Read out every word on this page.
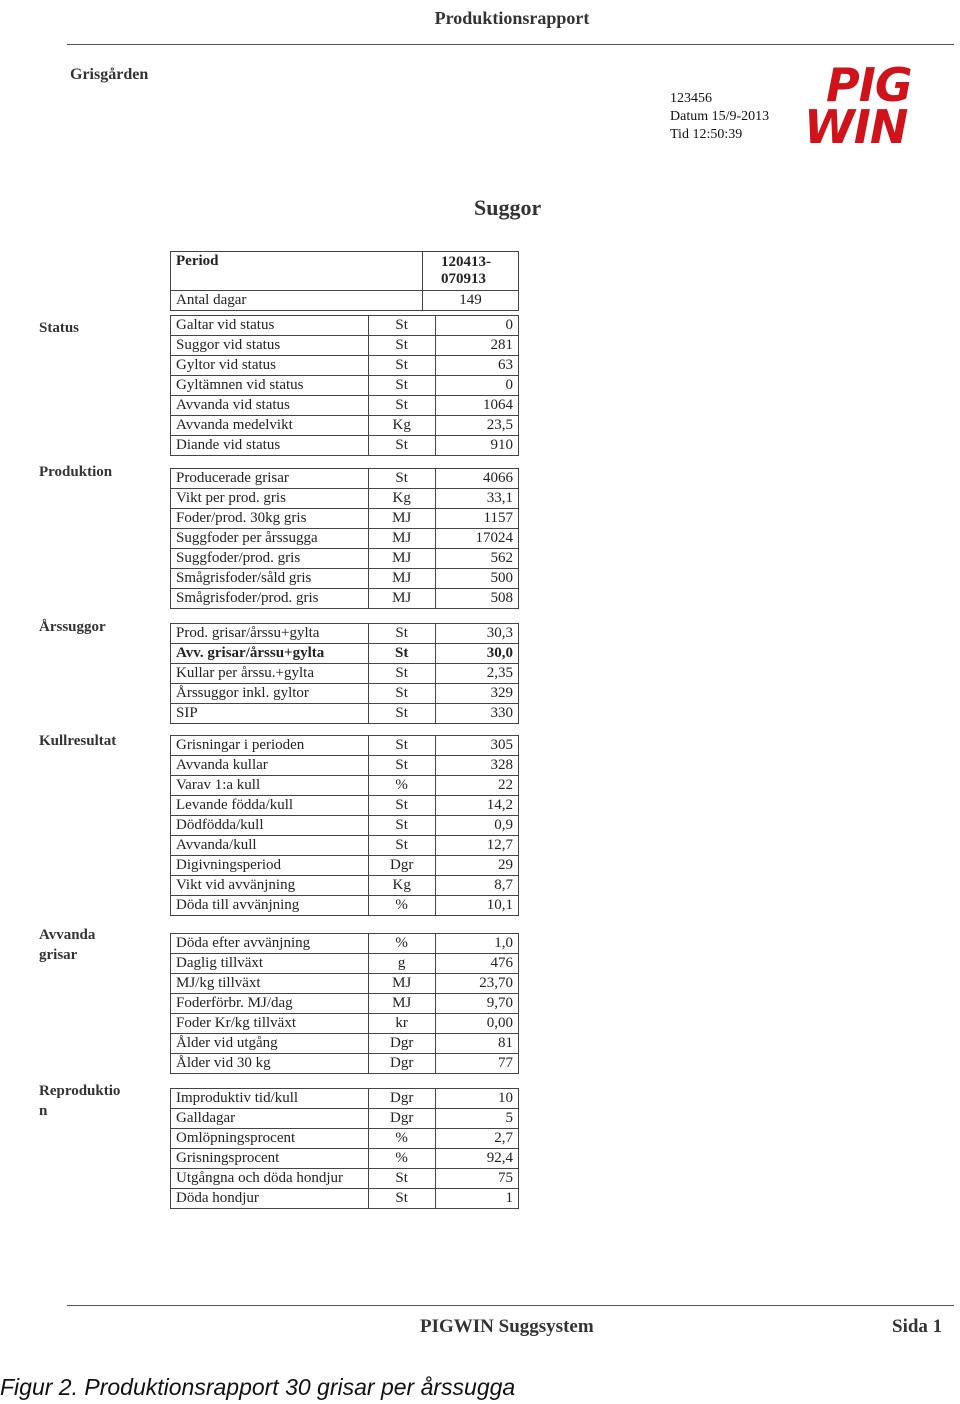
Produktionsrapport
Grisgården
123456
Datum 15/9-2013
Tid 12:50:39
PIG
WIN
Suggor
Period	120413-
070913

Antal dagar	149
Status	Galtar vid status	St	0
Suggor vid status	St	281
Gyltor vid status	St	63
Gyltämnen vid status	St	0
Avvanda vid status	St	1064
Avvanda medelvikt	Kg	23,5
Diande vid status	St	910
Produktion	Producerade grisar	St	4066
Vikt per prod. gris	Kg	33,1
Foder/prod. 30kg gris	MJ	1157
Suggfoder per årssugga	MJ	17024
Suggfoder/prod. gris	MJ	562
Smågrisfoder/såld gris	MJ	500
Smågrisfoder/prod. gris	MJ	508
Årssuggor	Prod. grisar/årssu+gylta	St	30,3
Avv. grisar/årssu+gylta	St	30,0
Kullar per årssu.+gylta	St	2,35
Årssuggor inkl. gyltor	St	329
SIP	St	330
Kullresultat	Grisningar i perioden	St	305
Avvanda kullar	St	328
Varav 1:a kull	%	22
Levande födda/kull	St	14,2
Dödfödda/kull	St	0,9
Avvanda/kull	St	12,7
Digivningsperiod	Dgr	29
Vikt vid avvänjning	Kg	8,7
Döda till avvänjning	%	10,1
Avvanda grisar
Döda efter avvänjning	%	1,0
Daglig tillväxt	g	476
MJ/kg tillväxt	MJ	23,70
Foderförbr. MJ/dag	MJ	9,70
Foder Kr/kg tillväxt	kr	0,00
Ålder vid utgång	Dgr	81
Ålder vid 30 kg	Dgr	77
Reproduktio n
Improduktiv tid/kull	Dgr	10
Galldagar	Dgr	5
Omlöpningsprocent	%	2,7
Grisningsprocent	%	92,4
Utgångna och döda hondjur	St	75
Döda hondjur	St	1
PIGWIN Suggsystem	Sida 1
Figur 2. Produktionsrapport 30 grisar per årssugga
